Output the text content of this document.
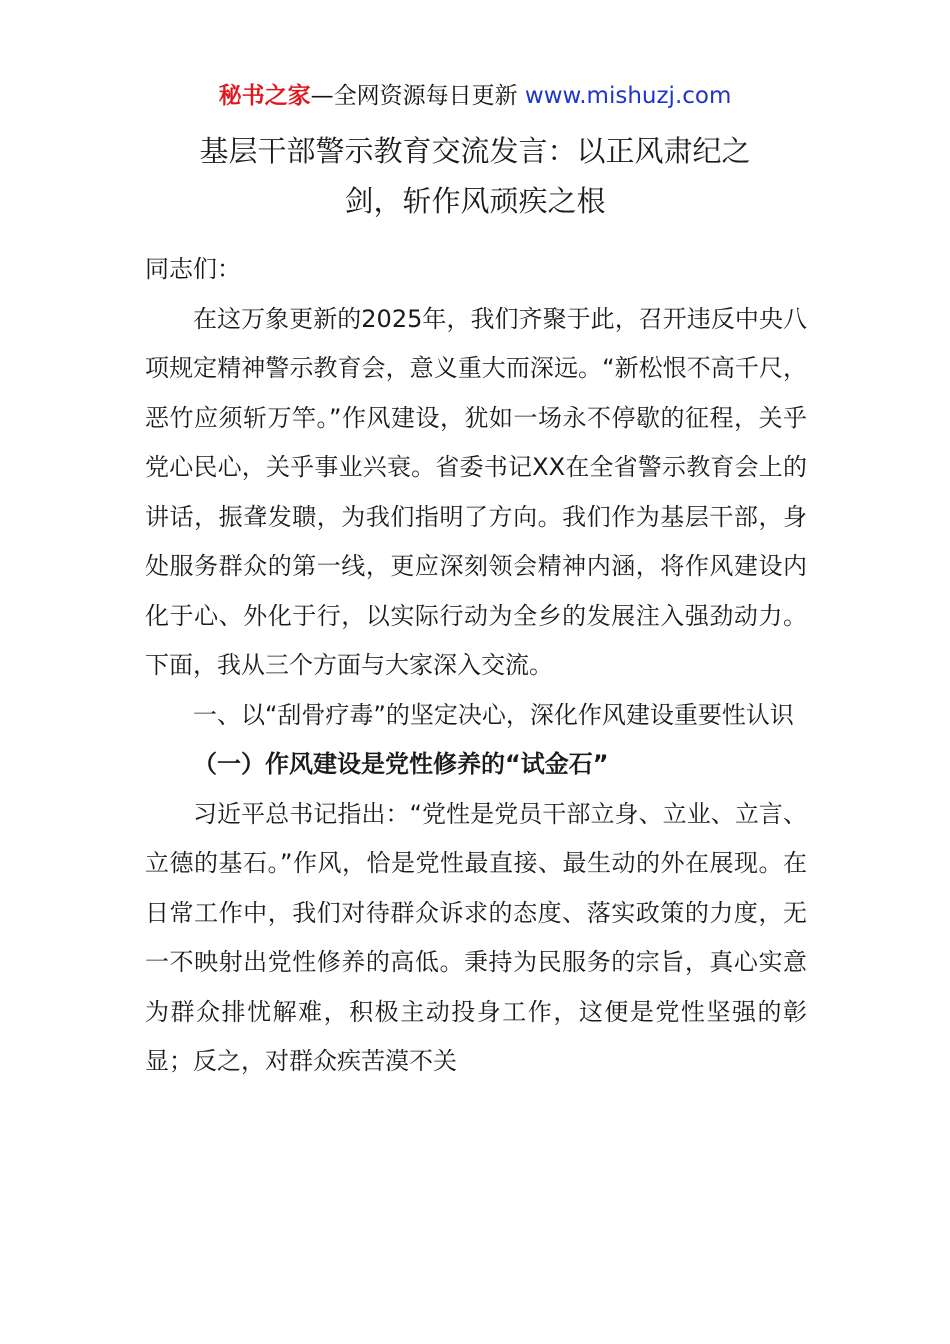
秘书之家—全网资源每日更新 www.mishuzj.com
基层干部警示教育交流发言：以正风肃纪之
剑，斩作风顽疾之根

同志们：

在这万象更新的2025年，我们齐聚于此，召开违反中央八项规定精神警示教育会，意义重大而深远。“新松恨不高千尺，恶竹应须斩万竿。”作风建设，犹如一场永不停歇的征程，关乎党心民心，关乎事业兴衰。省委书记XX在全省警示教育会上的讲话，振聋发聩，为我们指明了方向。我们作为基层干部，身处服务群众的第一线，更应深刻领会精神内涵，将作风建设内化于心、外化于行，以实际行动为全乡的发展注入强劲动力。下面，我从三个方面与大家深入交流。

一、以“刮骨疗毒”的坚定决心，深化作风建设重要性认识

（一）作风建设是党性修养的“试金石”

习近平总书记指出：“党性是党员干部立身、立业、立言、立德的基石。”作风，恰是党性最直接、最生动的外在展现。在日常工作中，我们对待群众诉求的态度、落实政策的力度，无一不映射出党性修养的高低。秉持为民服务的宗旨，真心实意为群众排忧解难，积极主动投身工作，这便是党性坚强的彰显；反之，对群众疾苦漠不关
